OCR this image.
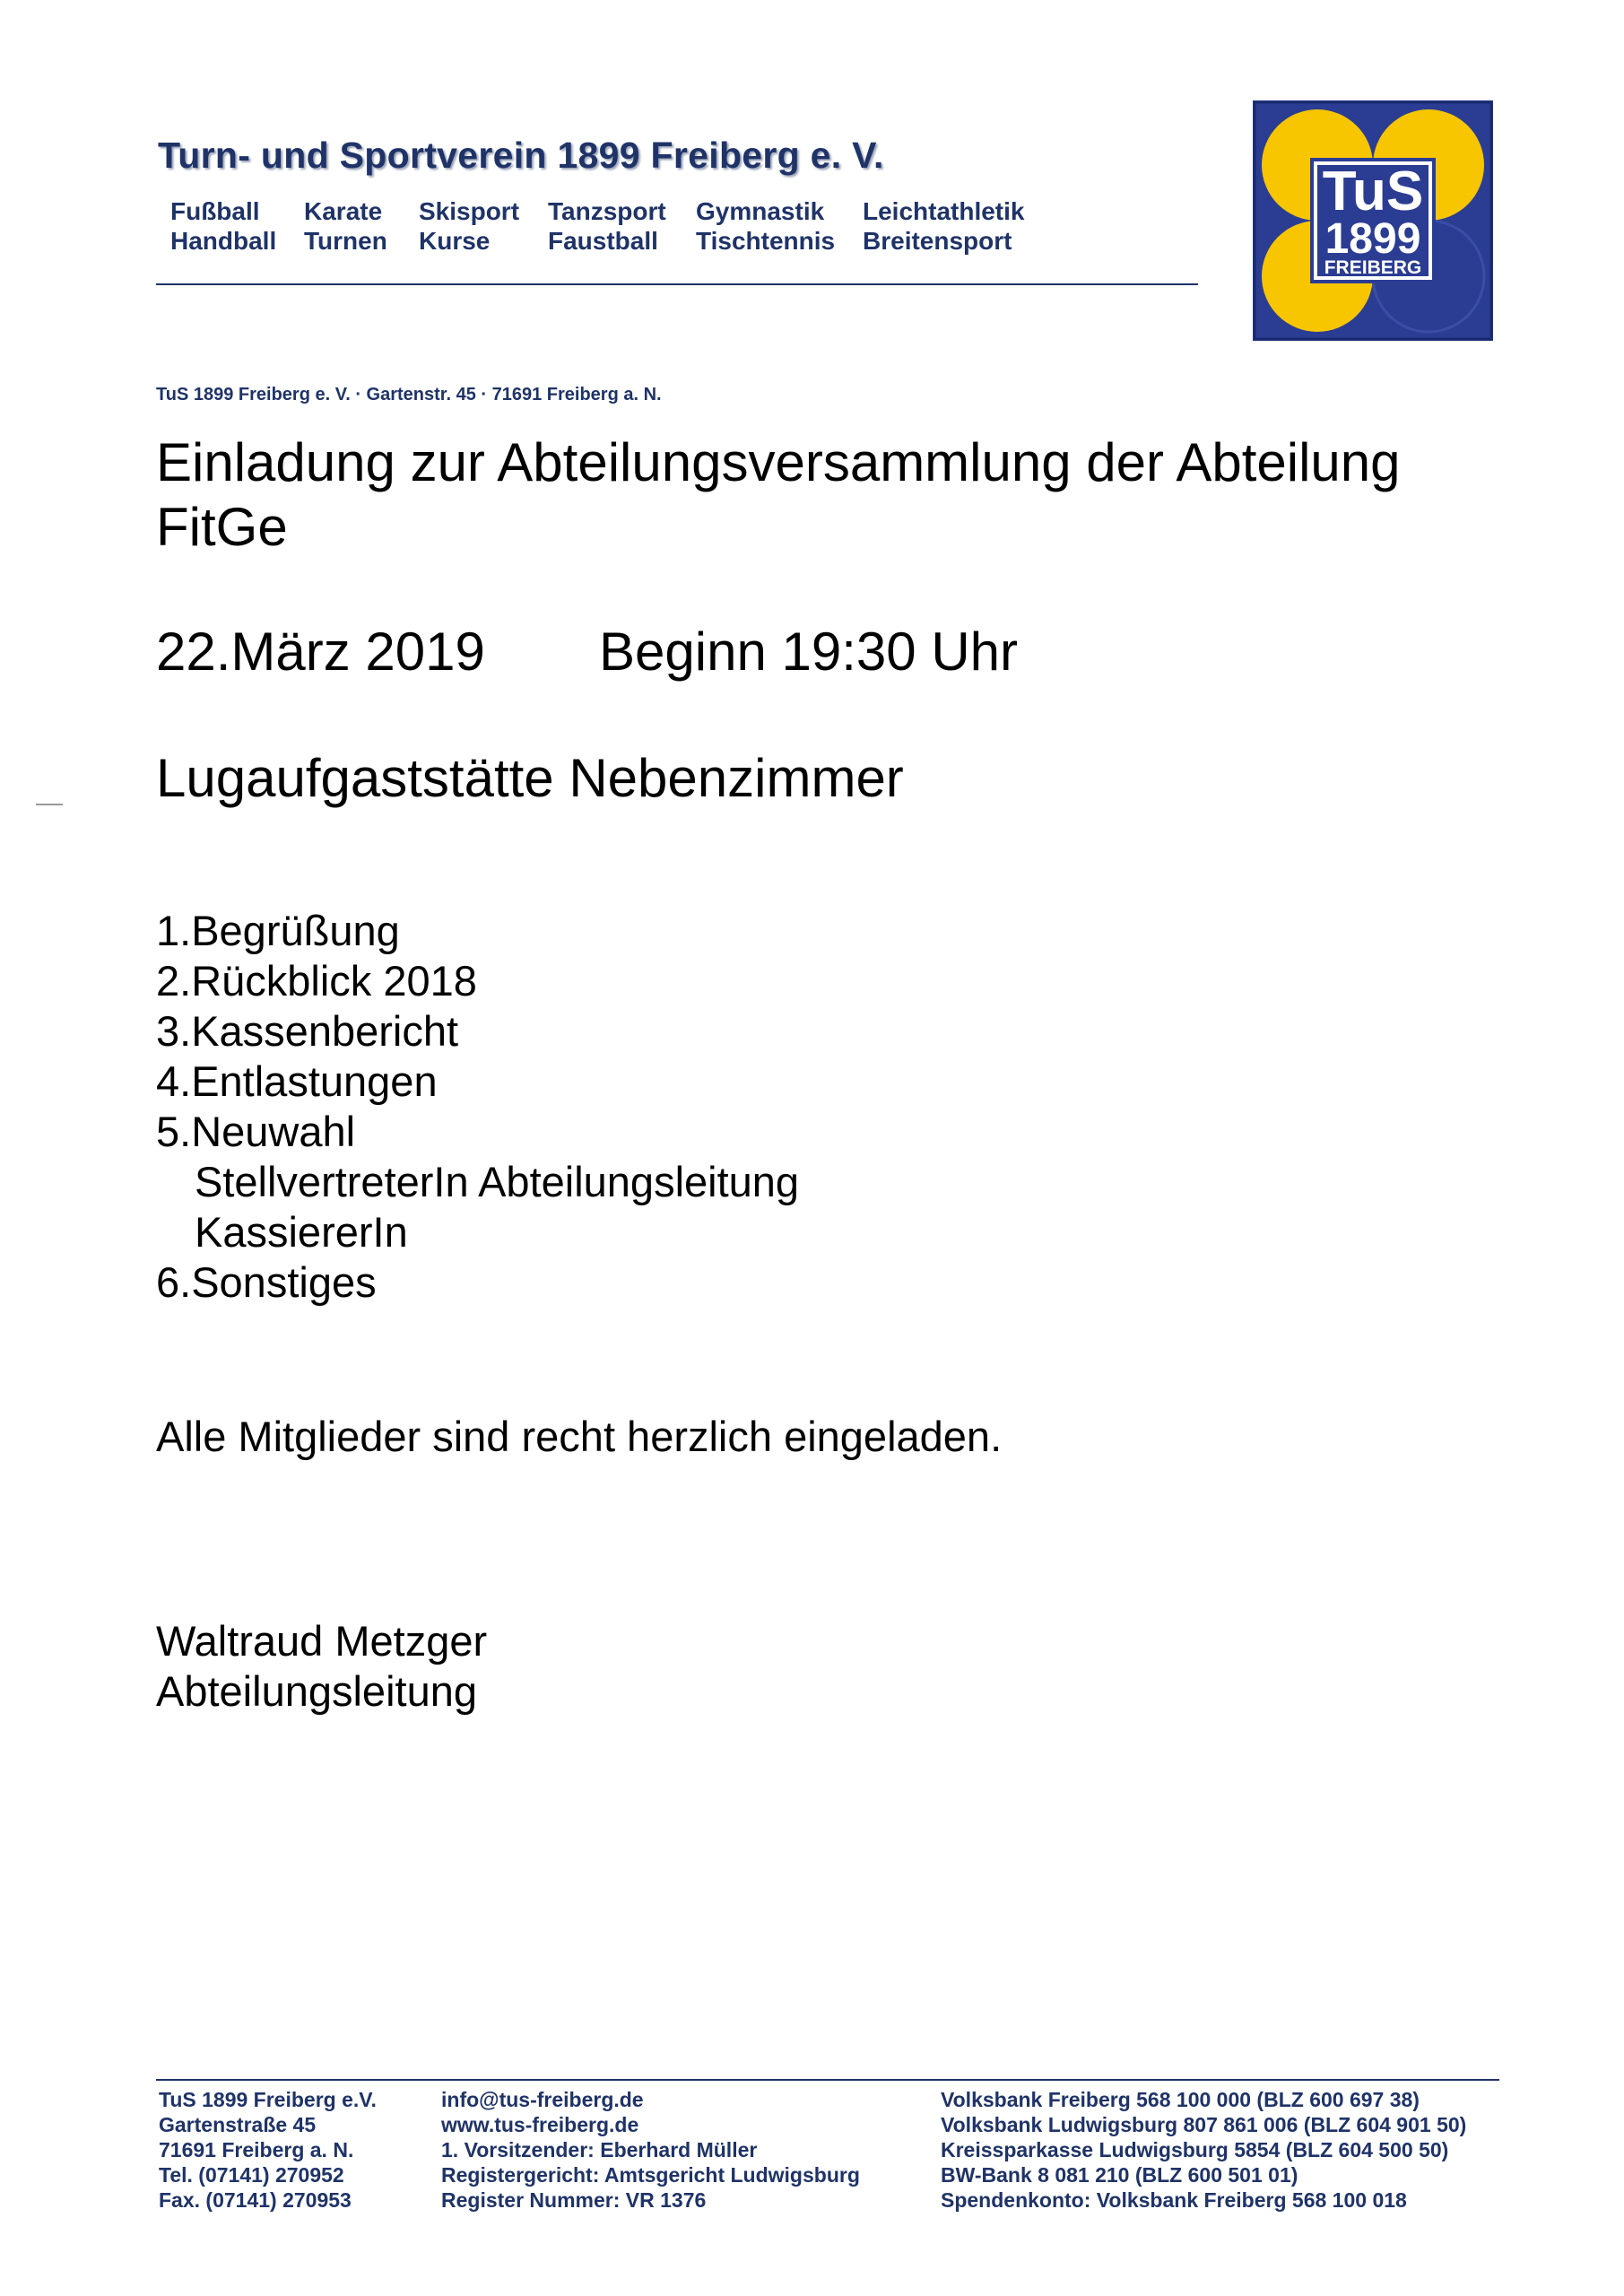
Turn- und Sportverein 1899 Freiberg e. V.
Fußball Karate Skisport Tanzsport Gymnastik Leichtathletik
Handball Turnen Kurse Faustball Tischtennis Breitensport
TuS
1899
FREIBERG
TuS 1899 Freiberg e. V. · Gartenstr. 45 · 71691 Freiberg a. N.
Einladung zur Abteilungsversammlung der Abteilung
FitGe
22.März 2019 Beginn 19:30 Uhr
Lugaufgaststätte Nebenzimmer
1.Begrüßung
2.Rückblick 2018
3.Kassenbericht
4.Entlastungen
5.Neuwahl
StellvertreterIn Abteilungsleitung
KassiererIn
6.Sonstiges
Alle Mitglieder sind recht herzlich eingeladen.
Waltraud Metzger
Abteilungsleitung
TuS 1899 Freiberg e.V.
Gartenstraße 45
71691 Freiberg a. N.
Tel. (07141) 270952
Fax. (07141) 270953
info@tus-freiberg.de
www.tus-freiberg.de
1. Vorsitzender: Eberhard Müller
Registergericht: Amtsgericht Ludwigsburg
Register Nummer: VR 1376
Volksbank Freiberg 568 100 000 (BLZ 600 697 38)
Volksbank Ludwigsburg 807 861 006 (BLZ 604 901 50)
Kreissparkasse Ludwigsburg 5854 (BLZ 604 500 50)
BW-Bank 8 081 210 (BLZ 600 501 01)
Spendenkonto: Volksbank Freiberg 568 100 018
